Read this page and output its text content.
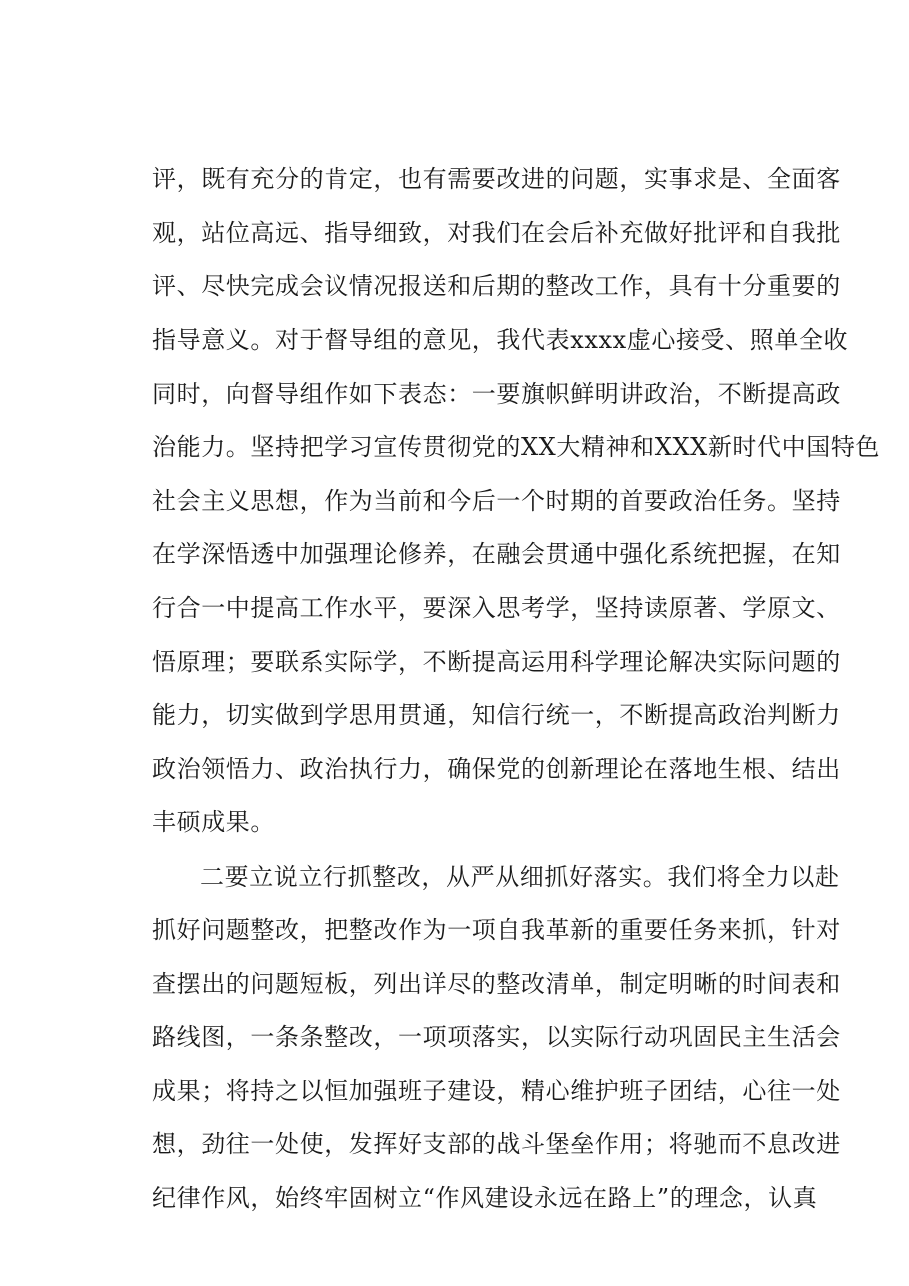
评，既有充分的肯定，也有需要改进的问题，实事求是、全面客
观，站位高远、指导细致，对我们在会后补充做好批评和自我批
评、尽快完成会议情况报送和后期的整改工作，具有十分重要的
指导意义。对于督导组的意见，我代表xxxx虚心接受、照单全收
同时，向督导组作如下表态：一要旗帜鲜明讲政治，不断提高政
治能力。坚持把学习宣传贯彻党的XX大精神和XXX新时代中国特色
社会主义思想，作为当前和今后一个时期的首要政治任务。坚持
在学深悟透中加强理论修养，在融会贯通中强化系统把握，在知
行合一中提高工作水平，要深入思考学，坚持读原著、学原文、
悟原理；要联系实际学，不断提高运用科学理论解决实际问题的
能力，切实做到学思用贯通，知信行统一，不断提高政治判断力
政治领悟力、政治执行力，确保党的创新理论在落地生根、结出
丰硕成果。
二要立说立行抓整改，从严从细抓好落实。我们将全力以赴
抓好问题整改，把整改作为一项自我革新的重要任务来抓，针对
查摆出的问题短板，列出详尽的整改清单，制定明晰的时间表和
路线图，一条条整改，一项项落实，以实际行动巩固民主生活会
成果；将持之以恒加强班子建设，精心维护班子团结，心往一处
想，劲往一处使，发挥好支部的战斗堡垒作用；将驰而不息改进
纪律作风，始终牢固树立“作风建设永远在路上”的理念，认真
